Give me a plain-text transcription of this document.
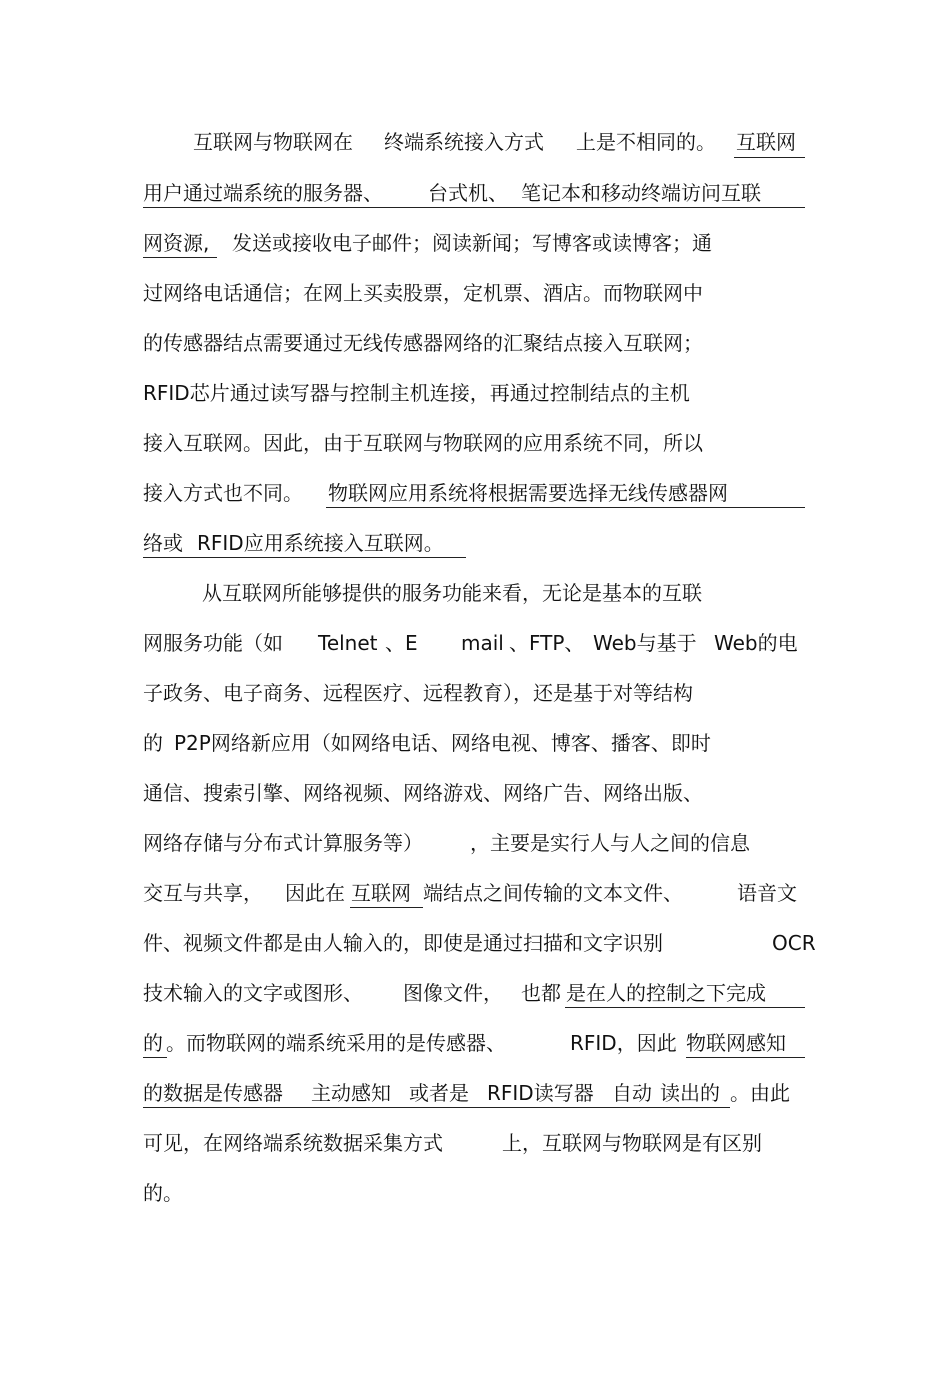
互联网与物联网在

终端系统接入方式

上是不相同的。

互联网

用户通过端系统的服务器、

台式机、

笔记本和移动终端访问互联

网资源,

发送或接收电子邮件；阅读新闻；写博客或读博客；通

过网络电话通信；在网上买卖股票，定机票、酒店。而物联网中

的传感器结点需要通过无线传感器网络的汇聚结点接入互联网；

RFID芯片通过读写器与控制主机连接，再通过控制结点的主机

接入互联网。因此，由于互联网与物联网的应用系统不同，所以

接入方式也不同。

物联网应用系统将根据需要选择无线传感器网

络或

RFID应用系统接入互联网。

从互联网所能够提供的服务功能来看，无论是基本的互联

网服务功能（如

Telnet

、E

mail

、FTP、

Web与基于

Web的电

子政务、电子商务、远程医疗、远程教育），还是基于对等结构

的

P2P网络新应用（如网络电话、网络电视、博客、播客、即时

通信、搜索引擎、网络视频、网络游戏、网络广告、网络出版、

网络存储与分布式计算服务等）

，主要是实行人与人之间的信息

交互与共享，

因此在

互联网

端结点之间传输的文本文件、

	语音文

件、视频文件都是由人输入的，即使是通过扫描和文字识别

	OCR

技术输入的文字或图形、

图像文件，

也都

是在人的控制之下完成

的

。而物联网的端系统采用的是传感器、

	RFID，因此

物联网感知

的数据是传感器

主动感知

或者是

RFID读写器

自动

读出的

。由此

可见，在网络端系统数据采集方式

	上，互联网与物联网是有区别

的。
